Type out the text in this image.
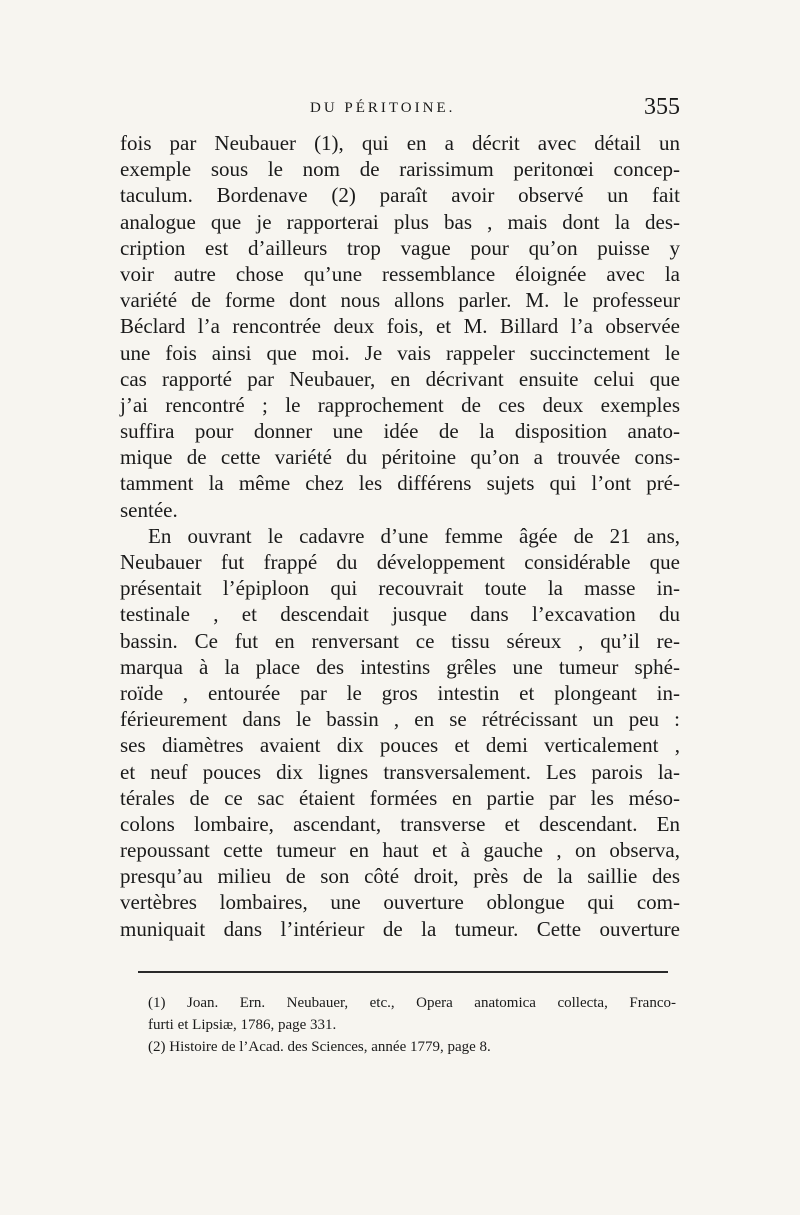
DU PÉRITOINE.	355
fois par Neubauer (1), qui en a décrit avec détail un
exemple sous le nom de rarissimum peritonœi concep-
taculum. Bordenave (2) paraît avoir observé un fait
analogue que je rapporterai plus bas , mais dont la des-
cription est d’ailleurs trop vague pour qu’on puisse y
voir autre chose qu’une ressemblance éloignée avec la
variété de forme dont nous allons parler. M. le professeur
Béclard l’a rencontrée deux fois, et M. Billard l’a observée
une fois ainsi que moi. Je vais rappeler succinctement le
cas rapporté par Neubauer, en décrivant ensuite celui que
j’ai rencontré ; le rapprochement de ces deux exemples
suffira pour donner une idée de la disposition anato-
mique de cette variété du péritoine qu’on a trouvée cons-
tamment la même chez les différens sujets qui l’ont pré-
sentée.
En ouvrant le cadavre d’une femme âgée de 21 ans,
Neubauer fut frappé du développement considérable que
présentait l’épiploon qui recouvrait toute la masse in-
testinale , et descendait jusque dans l’excavation du
bassin. Ce fut en renversant ce tissu séreux , qu’il re-
marqua à la place des intestins grêles une tumeur sphé-
roïde , entourée par le gros intestin et plongeant in-
férieurement dans le bassin , en se rétrécissant un peu :
ses diamètres avaient dix pouces et demi verticalement ,
et neuf pouces dix lignes transversalement. Les parois la-
térales de ce sac étaient formées en partie par les méso-
colons lombaire, ascendant, transverse et descendant. En
repoussant cette tumeur en haut et à gauche , on observa,
presqu’au milieu de son côté droit, près de la saillie des
vertèbres lombaires, une ouverture oblongue qui com-
muniquait dans l’intérieur de la tumeur. Cette ouverture
(1) Joan. Ern. Neubauer, etc., Opera anatomica collecta, Franco-
furti et Lipsiæ, 1786, page 331.
(2) Histoire de l’Acad. des Sciences, année 1779, page 8.
